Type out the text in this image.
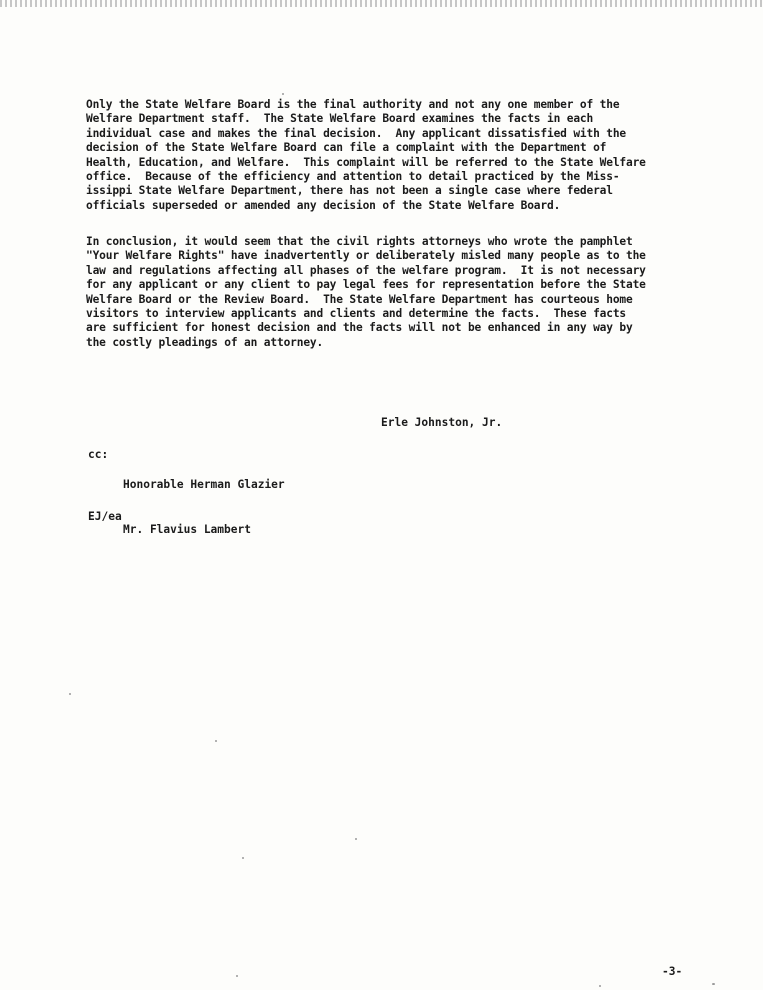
Only the State Welfare Board is the final authority and not any one member of the
Welfare Department staff.  The State Welfare Board examines the facts in each
individual case and makes the final decision.  Any applicant dissatisfied with the
decision of the State Welfare Board can file a complaint with the Department of
Health, Education, and Welfare.  This complaint will be referred to the State Welfare
office.  Because of the efficiency and attention to detail practiced by the Miss-
issippi State Welfare Department, there has not been a single case where federal
officials superseded or amended any decision of the State Welfare Board.

In conclusion, it would seem that the civil rights attorneys who wrote the pamphlet
"Your Welfare Rights" have inadvertently or deliberately misled many people as to the
law and regulations affecting all phases of the welfare program.  It is not necessary
for any applicant or any client to pay legal fees for representation before the State
Welfare Board or the Review Board.  The State Welfare Department has courteous home
visitors to interview applicants and clients and determine the facts.  These facts
are sufficient for honest decision and the facts will not be enhanced in any way by
the costly pleadings of an attorney.

Erle Johnston, Jr.
cc:

Honorable Herman Glazier

Mr. Flavius Lambert

EJ/ea
-3-
